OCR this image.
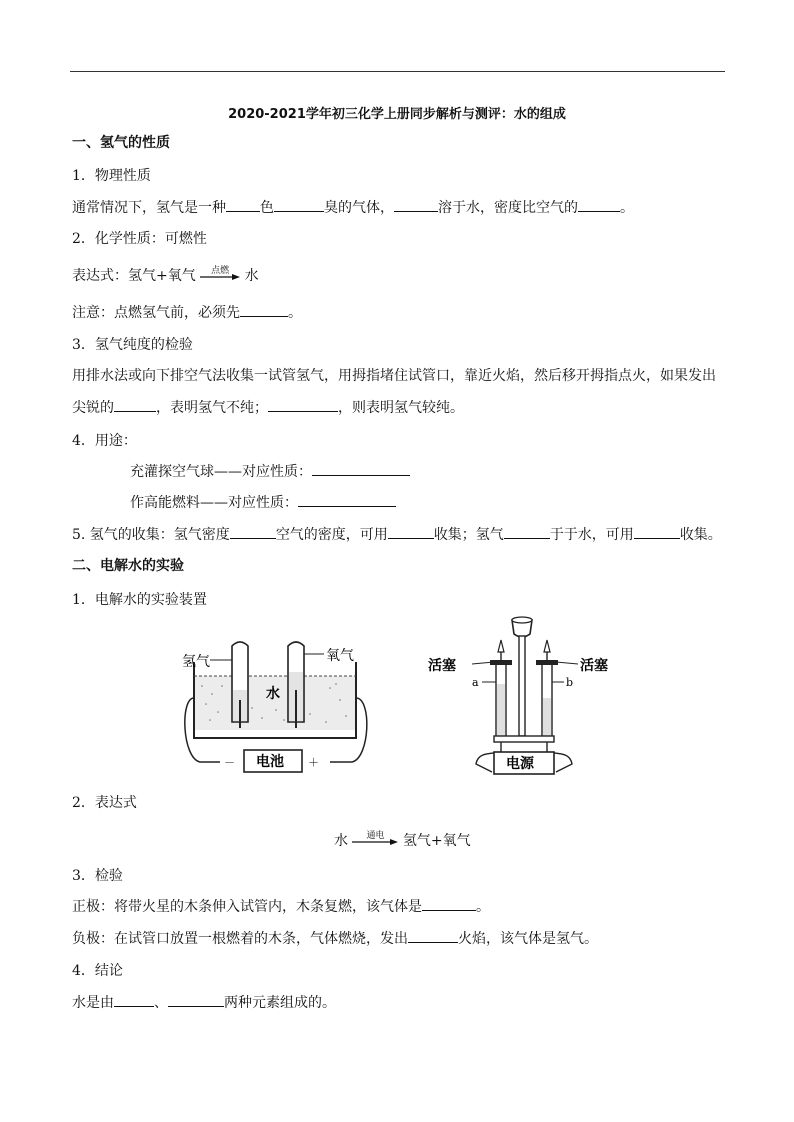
2020-2021学年初三化学上册同步解析与测评：水的组成
一、氢气的性质
1．物理性质
通常情况下，氢气是一种 色	臭的气体，	溶于水，密度比空气的	。
2．化学性质：可燃性
表达式：氢气+氧气	点燃	水
注意：点燃氢气前，必须先	。
3．氢气纯度的检验
用排水法或向下排空气法收集一试管氢气，用拇指堵住试管口，靠近火焰，然后移开拇指点火，如果发出
尖锐的	，表明氢气不纯；	，则表明氢气较纯。
4．用途：
充灌探空气球——对应性质：
作高能燃料——对应性质：
5. 氢气的收集：氢气密度	空气的密度，可用	收集；氢气	于于水，可用	收集。
二、电解水的实验
1．电解水的实验装置
氢气	氧气
水
电池
－	＋
活塞	活塞
a	b
电源
2．表达式
水	通电	氢气+氧气
3．检验
正极：将带火星的木条伸入试管内，木条复燃，该气体是	。
负极：在试管口放置一根燃着的木条，气体燃烧，发出	火焰，该气体是氢气。
4．结论
水是由	、	两种元素组成的。
